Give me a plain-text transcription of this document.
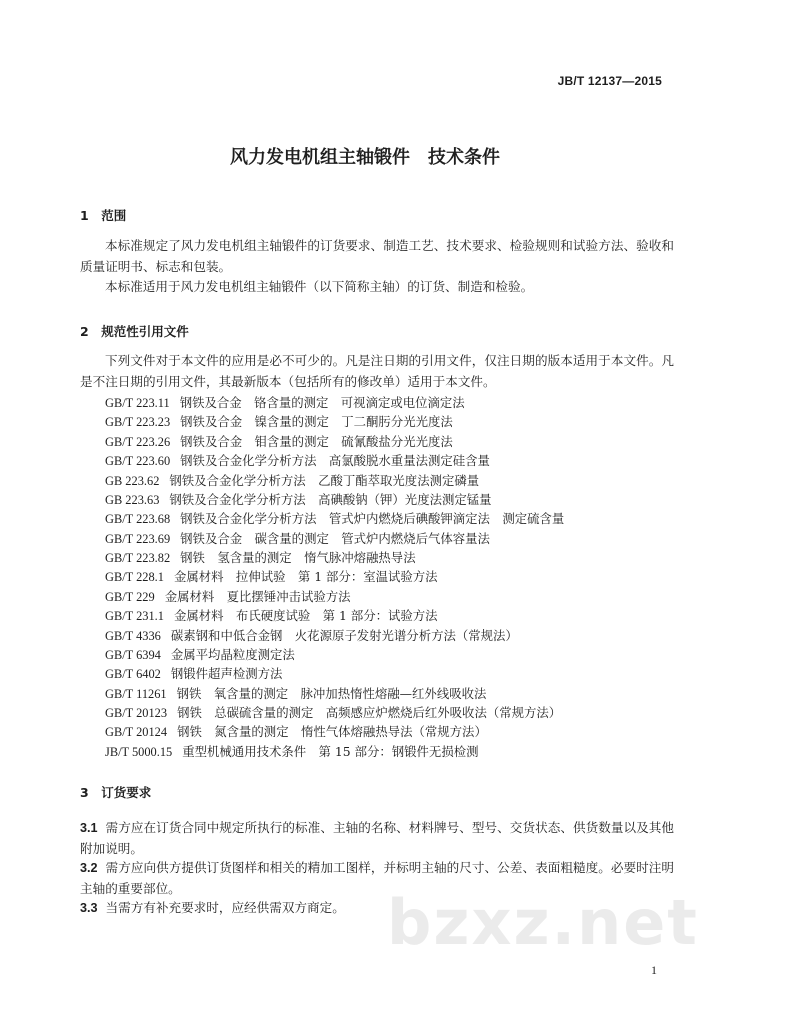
JB/T 12137—2015
风力发电机组主轴锻件　技术条件
1　范围
本标准规定了风力发电机组主轴锻件的订货要求、制造工艺、技术要求、检验规则和试验方法、验收和质量证明书、标志和包装。
本标准适用于风力发电机组主轴锻件（以下简称主轴）的订货、制造和检验。
2　规范性引用文件
下列文件对于本文件的应用是必不可少的。凡是注日期的引用文件，仅注日期的版本适用于本文件。凡是不注日期的引用文件，其最新版本（包括所有的修改单）适用于本文件。
GB/T 223.11 钢铁及合金　铬含量的测定　可视滴定或电位滴定法
GB/T 223.23 钢铁及合金　镍含量的测定　丁二酮肟分光光度法
GB/T 223.26 钢铁及合金　钼含量的测定　硫氰酸盐分光光度法
GB/T 223.60 钢铁及合金化学分析方法　高氯酸脱水重量法测定硅含量
GB 223.62 钢铁及合金化学分析方法　乙酸丁酯萃取光度法测定磷量
GB 223.63 钢铁及合金化学分析方法　高碘酸钠（钾）光度法测定锰量
GB/T 223.68 钢铁及合金化学分析方法　管式炉内燃烧后碘酸钾滴定法　测定硫含量
GB/T 223.69 钢铁及合金　碳含量的测定　管式炉内燃烧后气体容量法
GB/T 223.82 钢铁　氢含量的测定　惰气脉冲熔融热导法
GB/T 228.1 金属材料　拉伸试验　第 1 部分：室温试验方法
GB/T 229 金属材料　夏比摆锤冲击试验方法
GB/T 231.1 金属材料　布氏硬度试验　第 1 部分：试验方法
GB/T 4336 碳素钢和中低合金钢　火花源原子发射光谱分析方法（常规法）
GB/T 6394 金属平均晶粒度测定法
GB/T 6402 钢锻件超声检测方法
GB/T 11261 钢铁　氧含量的测定　脉冲加热惰性熔融—红外线吸收法
GB/T 20123 钢铁　总碳硫含量的测定　高频感应炉燃烧后红外吸收法（常规方法）
GB/T 20124 钢铁　氮含量的测定　惰性气体熔融热导法（常规方法）
JB/T 5000.15 重型机械通用技术条件　第 15 部分：钢锻件无损检测
3　订货要求
3.1 需方应在订货合同中规定所执行的标准、主轴的名称、材料牌号、型号、交货状态、供货数量以及其他附加说明。
3.2 需方应向供方提供订货图样和相关的精加工图样，并标明主轴的尺寸、公差、表面粗糙度。必要时注明主轴的重要部位。
3.3 当需方有补充要求时，应经供需双方商定。 bzxz.net
1
